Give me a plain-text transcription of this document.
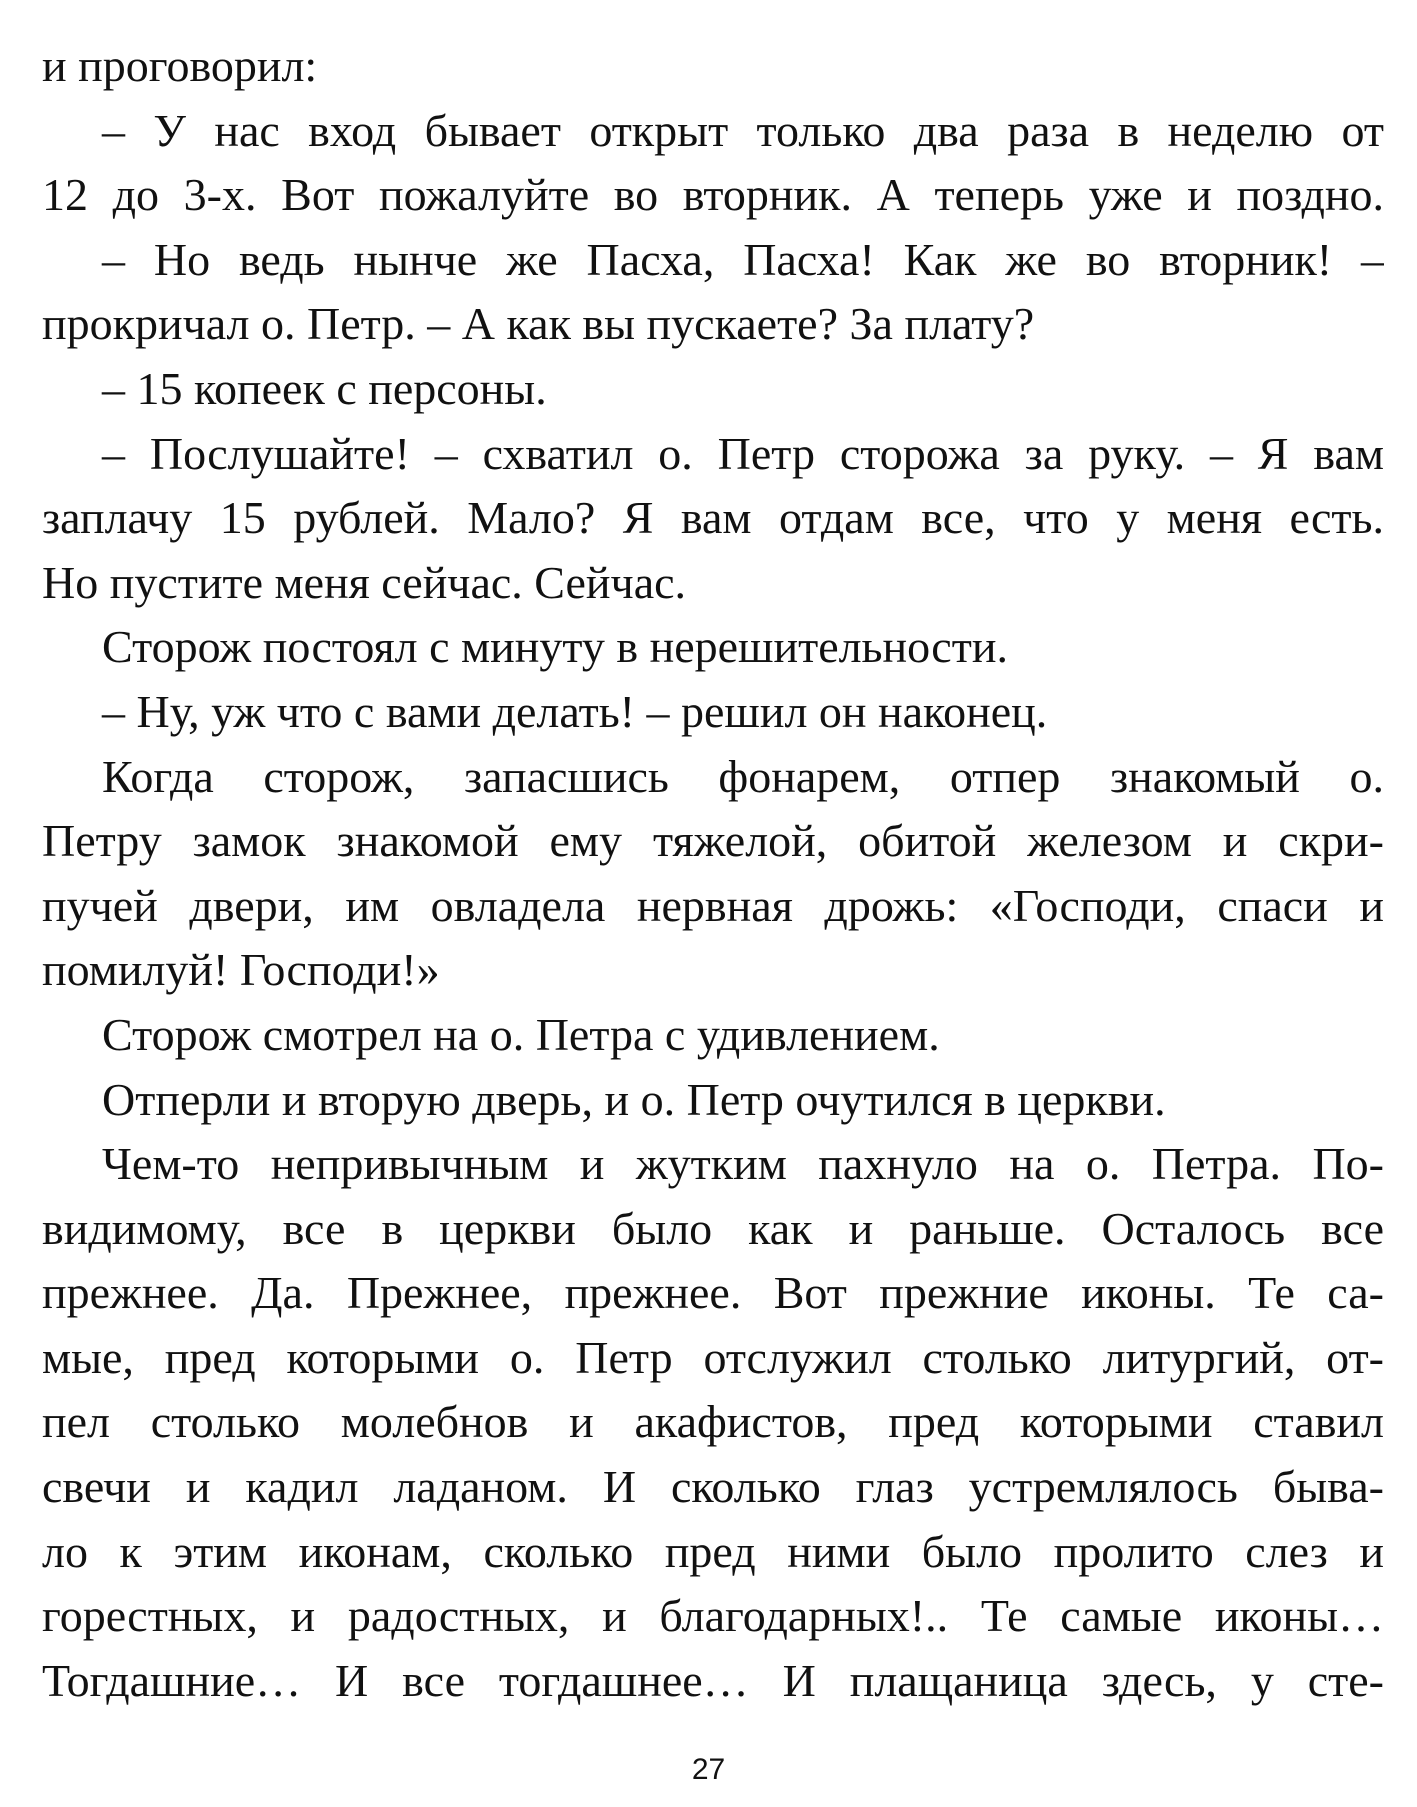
и проговорил:
– У нас вход бывает открыт только два раза в неделю от
12 до 3-х. Вот пожалуйте во вторник. А теперь уже и поздно.
– Но ведь нынче же Пасха, Пасха! Как же во вторник! –
прокричал о. Петр. – А как вы пускаете? За плату?
– 15 копеек с персоны.
– Послушайте! – схватил о. Петр сторожа за руку. – Я вам
заплачу 15 рублей. Мало? Я вам отдам все, что у меня есть.
Но пустите меня сейчас. Сейчас.
Сторож постоял с минуту в нерешительности.
– Ну, уж что с вами делать! – решил он наконец.
Когда сторож, запасшись фонарем, отпер знакомый о.
Петру замок знакомой ему тяжелой, обитой железом и скри-
пучей двери, им овладела нервная дрожь: «Господи, спаси и
помилуй! Господи!»
Сторож смотрел на о. Петра с удивлением.
Отперли и вторую дверь, и о. Петр очутился в церкви.
Чем-то непривычным и жутким пахнуло на о. Петра. По-
видимому, все в церкви было как и раньше. Осталось все
прежнее. Да. Прежнее, прежнее. Вот прежние иконы. Те са-
мые, пред которыми о. Петр отслужил столько литургий, от-
пел столько молебнов и акафистов, пред которыми ставил
свечи и кадил ладаном. И сколько глаз устремлялось быва-
ло к этим иконам, сколько пред ними было пролито слез и
горестных, и радостных, и благодарных!.. Те самые иконы…
Тогдашние… И все тогдашнее… И плащаница здесь, у сте-
27
